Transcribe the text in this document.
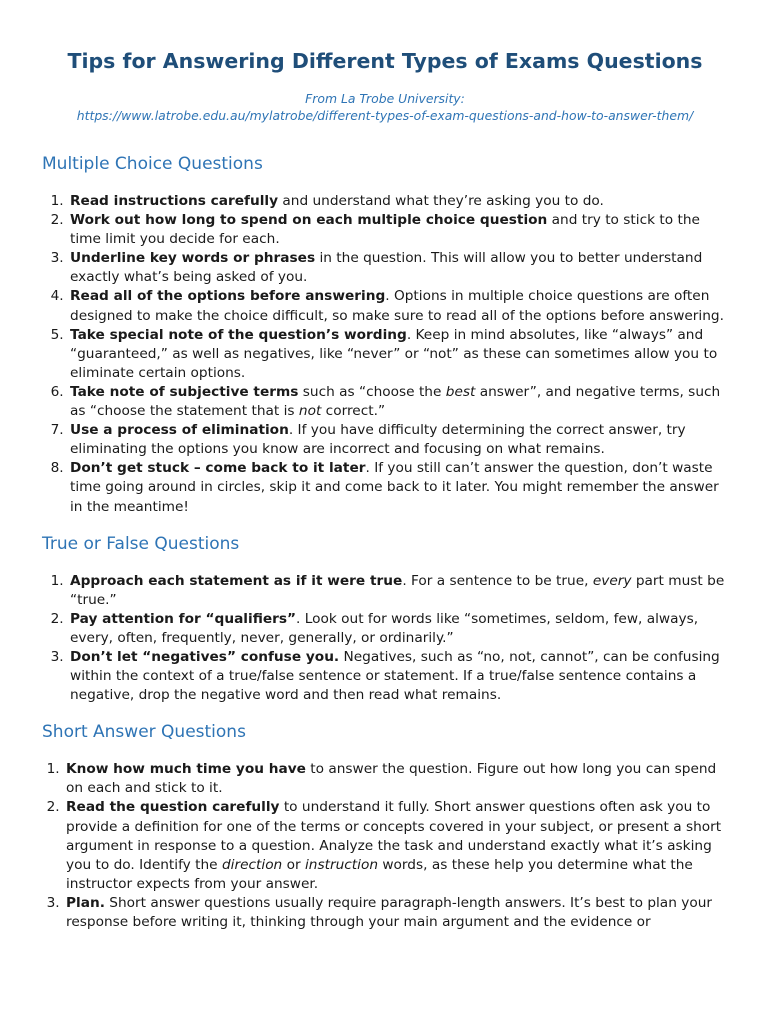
Tips for Answering Different Types of Exams Questions
From La Trobe University:
https://www.latrobe.edu.au/mylatrobe/different-types-of-exam-questions-and-how-to-answer-them/
Multiple Choice Questions
1. Read instructions carefully and understand what they’re asking you to do.
2. Work out how long to spend on each multiple choice question and try to stick to the time limit you decide for each.
3. Underline key words or phrases in the question. This will allow you to better understand exactly what’s being asked of you.
4. Read all of the options before answering. Options in multiple choice questions are often designed to make the choice difficult, so make sure to read all of the options before answering.
5. Take special note of the question’s wording. Keep in mind absolutes, like “always” and “guaranteed,” as well as negatives, like “never” or “not” as these can sometimes allow you to eliminate certain options.
6. Take note of subjective terms such as “choose the best answer”, and negative terms, such as “choose the statement that is not correct.”
7. Use a process of elimination. If you have difficulty determining the correct answer, try eliminating the options you know are incorrect and focusing on what remains.
8. Don’t get stuck – come back to it later. If you still can’t answer the question, don’t waste time going around in circles, skip it and come back to it later. You might remember the answer in the meantime!
True or False Questions
1. Approach each statement as if it were true. For a sentence to be true, every part must be “true.”
2. Pay attention for “qualifiers”. Look out for words like “sometimes, seldom, few, always, every, often, frequently, never, generally, or ordinarily.”
3. Don’t let “negatives” confuse you. Negatives, such as “no, not, cannot”, can be confusing within the context of a true/false sentence or statement. If a true/false sentence contains a negative, drop the negative word and then read what remains.
Short Answer Questions
1. Know how much time you have to answer the question. Figure out how long you can spend on each and stick to it.
2. Read the question carefully to understand it fully. Short answer questions often ask you to provide a definition for one of the terms or concepts covered in your subject, or present a short argument in response to a question. Analyze the task and understand exactly what it’s asking you to do. Identify the direction or instruction words, as these help you determine what the instructor expects from your answer.
3. Plan. Short answer questions usually require paragraph-length answers. It’s best to plan your response before writing it, thinking through your main argument and the evidence or
